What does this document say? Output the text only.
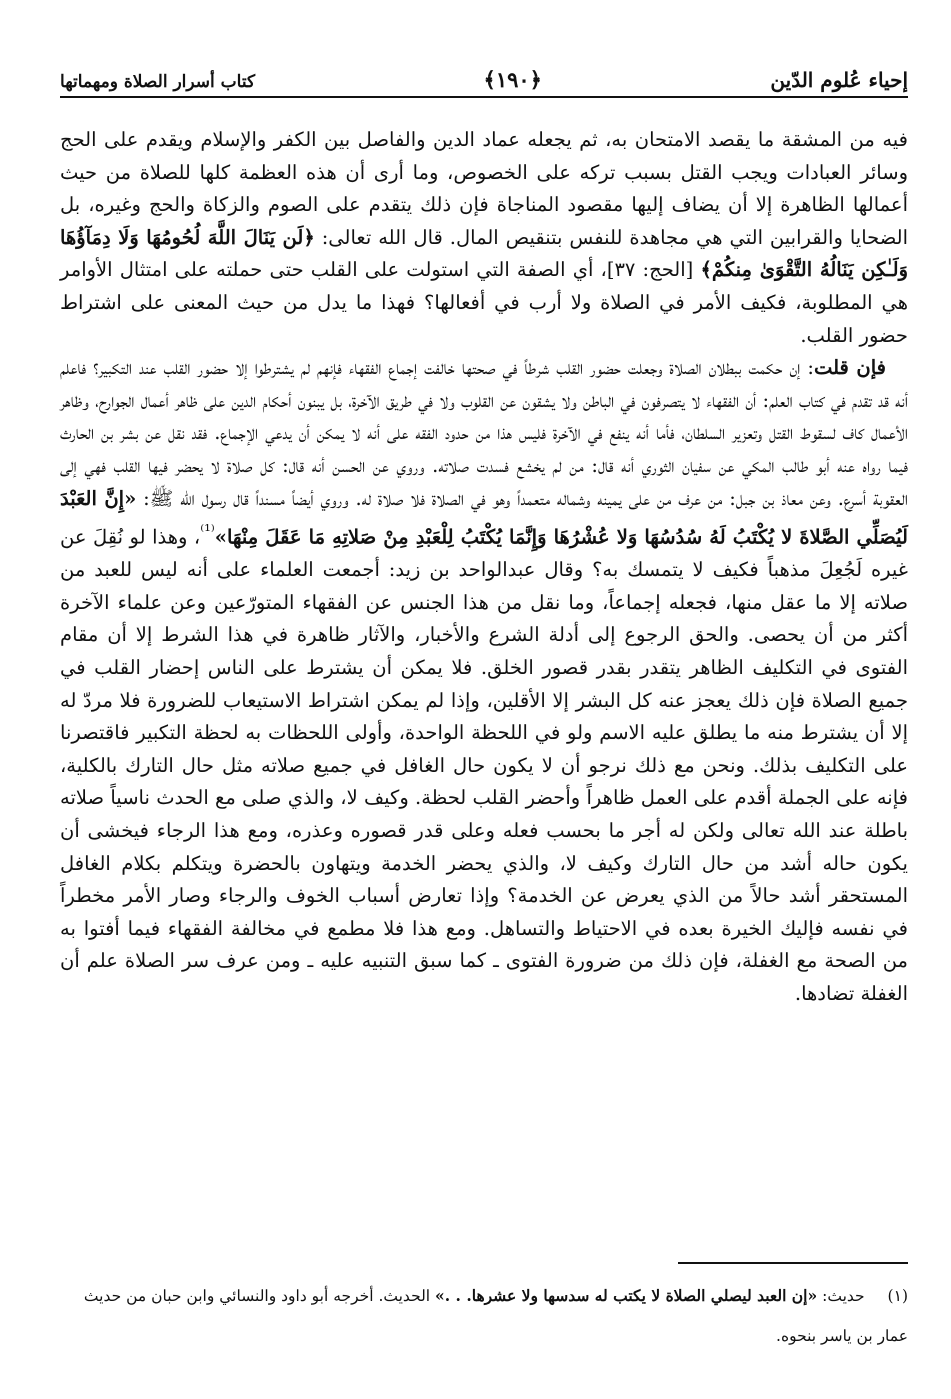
إحياء عُلوم الدّين
﴿١٩٠﴾
كتاب أسرار الصلاة ومهماتها

فيه من المشقة ما يقصد الامتحان به، ثم يجعله عماد الدين والفاصل بين الكفر والإسلام ويقدم على الحج وسائر العبادات ويجب القتل بسبب تركه على الخصوص، وما أرى أن هذه العظمة كلها للصلاة من حيث أعمالها الظاهرة إلا أن يضاف إليها مقصود المناجاة فإن ذلك يتقدم على الصوم والزكاة والحج وغيره، بل الضحايا والقرابين التي هي مجاهدة للنفس بتنقيص المال. قال الله تعالى: ﴿لَن يَنَالَ اللَّهَ لُحُومُهَا وَلَا دِمَآؤُهَا وَلَـٰكِن يَنَالُهُ التَّقْوَىٰ مِنكُمْ﴾ [الحج: ٣٧]، أي الصفة التي استولت على القلب حتى حملته على امتثال الأوامر هي المطلوبة، فكيف الأمر في الصلاة ولا أرب في أفعالها؟ فهذا ما يدل من حيث المعنى على اشتراط حضور القلب.

فإن قلت: إن حكمت ببطلان الصلاة وجعلت حضور القلب شرطاً في صحتها خالفت إجماع الفقهاء فإنهم لم يشترطوا إلا حضور القلب عند التكبير؟ فاعلم أنه قد تقدم في كتاب العلم: أن الفقهاء لا يتصرفون في الباطن ولا يشقون عن القلوب ولا في طريق الآخرة، بل يبنون أحكام الدين على ظاهر أعمال الجوارح، وظاهر الأعمال كاف لسقوط القتل وتعزير السلطان، فأما أنه ينفع في الآخرة فليس هذا من حدود الفقه على أنه لا يمكن أن يدعي الإجماع. فقد نقل عن بشر بن الحارث فيما رواه عنه أبو طالب المكي عن سفيان الثوري أنه قال: من لم يخشع فسدت صلاته. وروي عن الحسن أنه قال: كل صلاة لا يحضر فيها القلب فهي إلى العقوبة أسرع. وعن معاذ بن جبل: من عرف من على يمينه وشماله متعمداً وهو في الصلاة فلا صلاة له. وروي أيضاً مسنداً قال رسول الله ﷺ: «إِنَّ العَبْدَ لَيُصَلِّي الصَّلاةَ لا يُكْتَبُ لَهُ سُدُسُهَا وَلا عُشْرُهَا وَإِنَّمَا يُكْتَبُ لِلْعَبْدِ مِنْ صَلاتِهِ مَا عَقَلَ مِنْهَا»$^{^{(1)}}$، وهذا لو نُقِلَ عن غيره لَجُعِلَ مذهباً فكيف لا يتمسك به؟ وقال عبدالواحد بن زيد: أجمعت العلماء على أنه ليس للعبد من صلاته إلا ما عقل منها، فجعله إجماعاً، وما نقل من هذا الجنس عن الفقهاء المتورّعين وعن علماء الآخرة أكثر من أن يحصى. والحق الرجوع إلى أدلة الشرع والأخبار، والآثار ظاهرة في هذا الشرط إلا أن مقام الفتوى في التكليف الظاهر يتقدر بقدر قصور الخلق. فلا يمكن أن يشترط على الناس إحضار القلب في جميع الصلاة فإن ذلك يعجز عنه كل البشر إلا الأقلين، وإذا لم يمكن اشتراط الاستيعاب للضرورة فلا مردّ له إلا أن يشترط منه ما يطلق عليه الاسم ولو في اللحظة الواحدة، وأولى اللحظات به لحظة التكبير فاقتصرنا على التكليف بذلك. ونحن مع ذلك نرجو أن لا يكون حال الغافل في جميع صلاته مثل حال التارك بالكلية، فإنه على الجملة أقدم على العمل ظاهراً وأحضر القلب لحظة. وكيف لا، والذي صلى مع الحدث ناسياً صلاته باطلة عند الله تعالى ولكن له أجر ما بحسب فعله وعلى قدر قصوره وعذره، ومع هذا الرجاء فيخشى أن يكون حاله أشد من حال التارك وكيف لا، والذي يحضر الخدمة ويتهاون بالحضرة ويتكلم بكلام الغافل المستحقر أشد حالاً من الذي يعرض عن الخدمة؟ وإذا تعارض أسباب الخوف والرجاء وصار الأمر مخطراً في نفسه فإليك الخيرة بعده في الاحتياط والتساهل. ومع هذا فلا مطمع في مخالفة الفقهاء فيما أفتوا به من الصحة مع الغفلة، فإن ذلك من ضرورة الفتوى ـ كما سبق التنبيه عليه ـ ومن عرف سر الصلاة علم أن الغفلة تضادها.

(١) حديث: «إن العبد ليصلي الصلاة لا يكتب له سدسها ولا عشرها. . .» الحديث. أخرجه أبو داود والنسائي وابن حبان من حديث عمار بن ياسر بنحوه.
